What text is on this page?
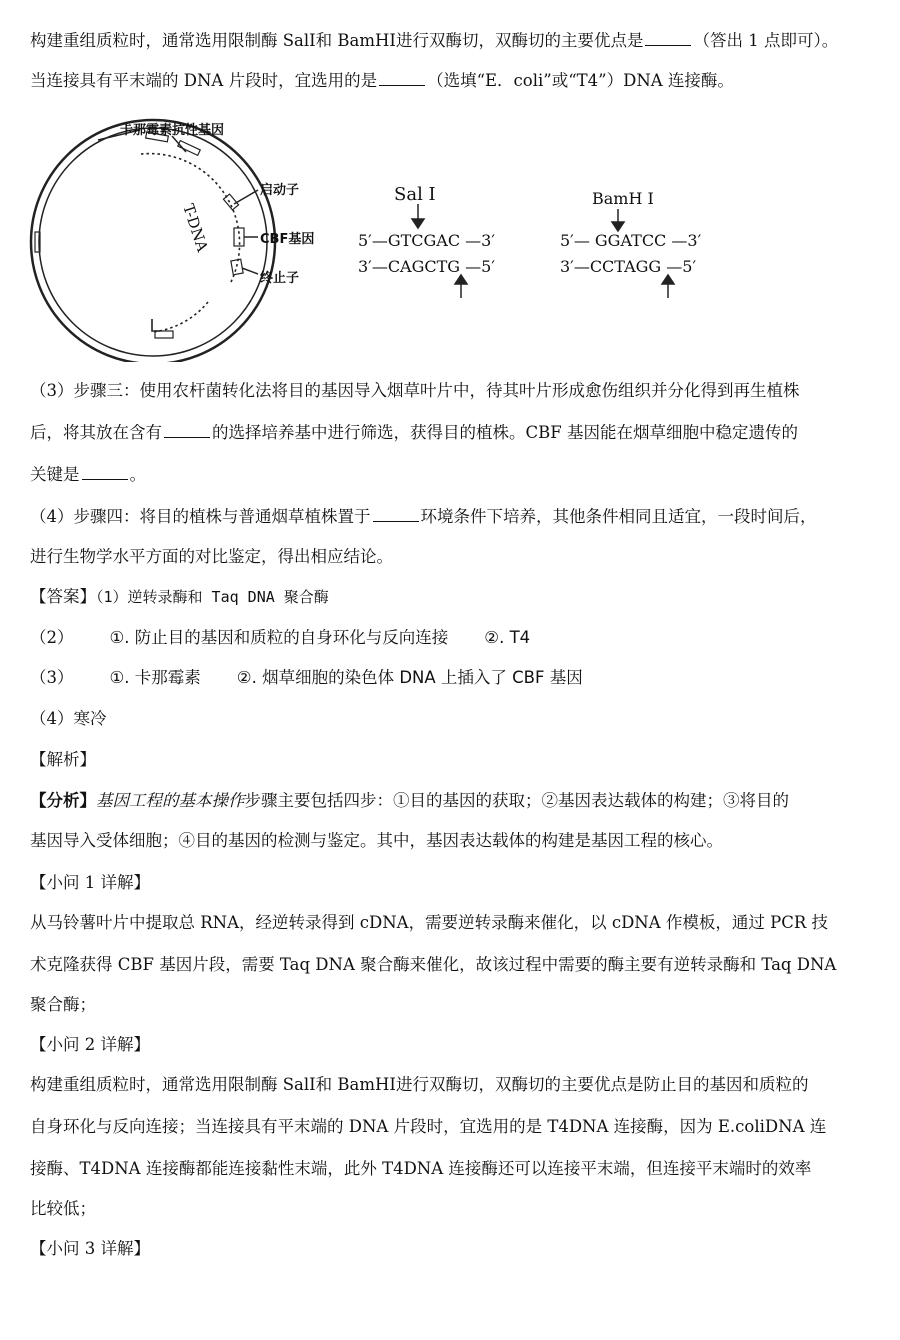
构建重组质粒时，通常选用限制酶 SalI和 BamHI进行双酶切，双酶切的主要优点是	（答出 1 点即可）。
当连接具有平末端的 DNA 片段时，宜选用的是	（选填“E．coli”或“T4”）DNA 连接酶。
卡那霉素抗性基因
启动子
CBF基因
终止子
T-DNA
Sal I
5′—GTCGAC —3′
3′—CAGCTG —5′
BamH I
5′— GGATCC —3′
3′—CCTAGG —5′
（3）步骤三：使用农杆菌转化法将目的基因导入烟草叶片中，待其叶片形成愈伤组织并分化得到再生植株
后，将其放在含有	的选择培养基中进行筛选，获得目的植株。CBF 基因能在烟草细胞中稳定遗传的
关键是	。
（4）步骤四：将目的植株与普通烟草植株置于	环境条件下培养，其他条件相同且适宜，一段时间后，
进行生物学水平方面的对比鉴定，得出相应结论。
【答案】（1）逆转录酶和 Taq DNA 聚合酶
（2） ①. 防止目的基因和质粒的自身环化与反向连接 ②. T4
（3） ①. 卡那霉素 ②. 烟草细胞的染色体 DNA 上插入了 CBF 基因
（4）寒冷
【解析】
【分析】基因工程的基本操作步骤主要包括四步：①目的基因的获取；②基因表达载体的构建；③将目的
基因导入受体细胞；④目的基因的检测与鉴定。其中，基因表达载体的构建是基因工程的核心。
【小问 1 详解】
从马铃薯叶片中提取总 RNA，经逆转录得到 cDNA，需要逆转录酶来催化，以 cDNA 作模板，通过 PCR 技
术克隆获得 CBF 基因片段，需要 Taq DNA 聚合酶来催化，故该过程中需要的酶主要有逆转录酶和 Taq DNA
聚合酶；
【小问 2 详解】
构建重组质粒时，通常选用限制酶 SalI和 BamHI进行双酶切，双酶切的主要优点是防止目的基因和质粒的
自身环化与反向连接；当连接具有平末端的 DNA 片段时，宜选用的是 T4DNA 连接酶，因为 E.coliDNA 连
接酶、T4DNA 连接酶都能连接黏性末端，此外 T4DNA 连接酶还可以连接平末端，但连接平末端时的效率
比较低；
【小问 3 详解】
